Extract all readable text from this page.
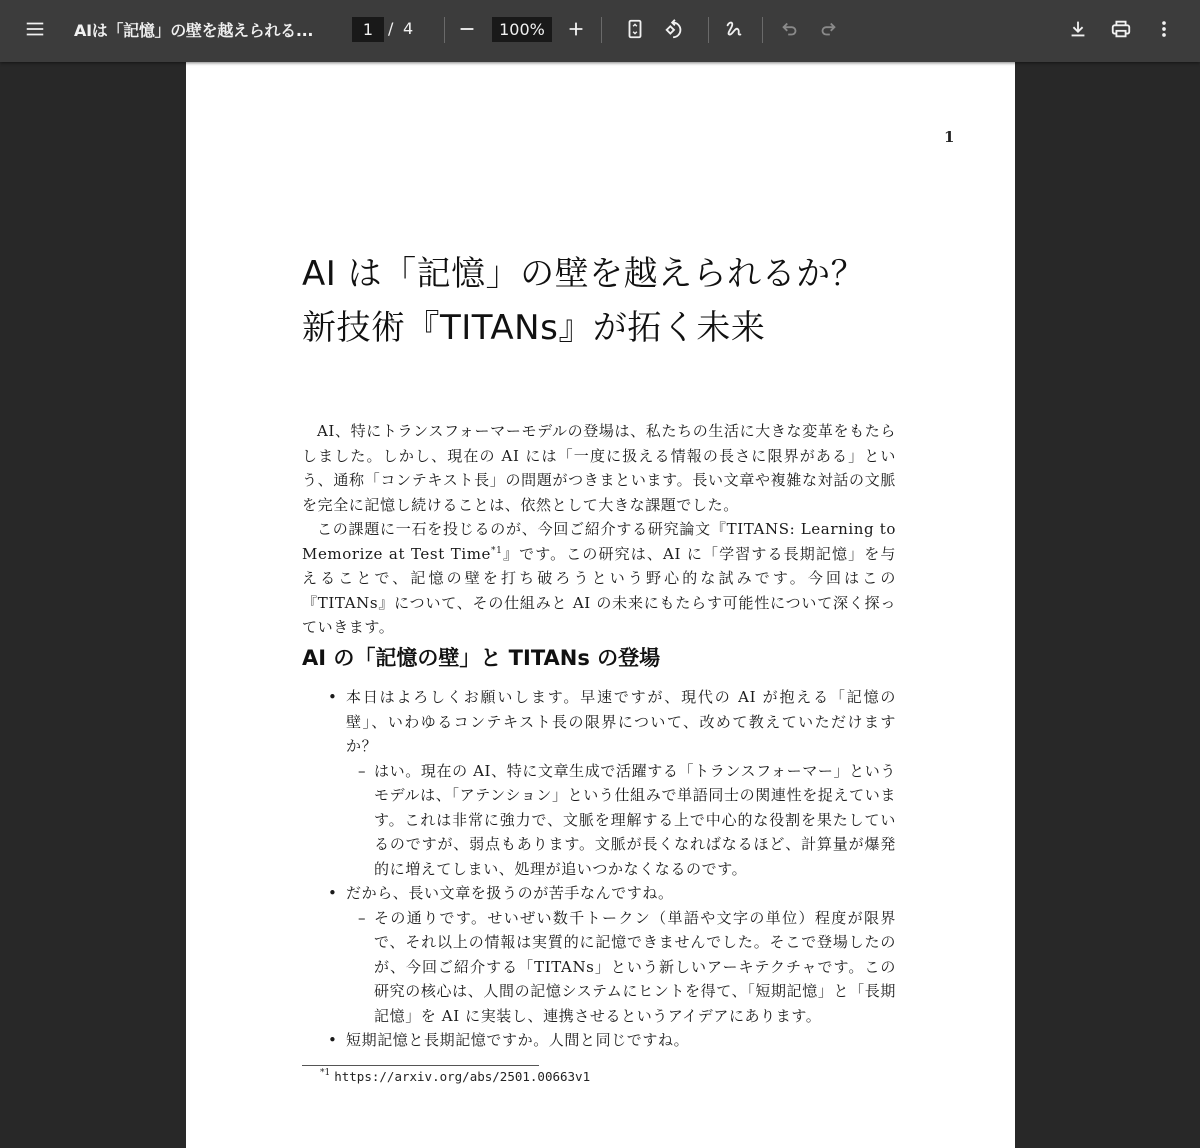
AIは「記憶」の壁を越えられる...
1	/ 4
100%
1
AI は「記憶」の壁を越えられるか？
新技術『TITANs』が拓く未来

AI、特にトランスフォーマーモデルの登場は、私たちの生活に大きな変革をもたらしました。しかし、現在の AI には「一度に扱える情報の長さに限界がある」という、通称「コンテキスト長」の問題がつきまといます。長い文章や複雑な対話の文脈を完全に記憶し続けることは、依然として大きな課題でした。

この課題に一石を投じるのが、今回ご紹介する研究論文『TITANS: Learning to Memorize at Test Time$^{*1}$』です。この研究は、AI に「学習する長期記憶」を与えることで、記憶の壁を打ち破ろうという野心的な試みです。今回はこの『TITANs』について、その仕組みと AI の未来にもたらす可能性について深く探っていきます。

AI の「記憶の壁」と TITANs の登場
• 本日はよろしくお願いします。早速ですが、現代の AI が抱える「記憶の壁」、いわゆるコンテキスト長の限界について、改めて教えていただけますか？
– はい。現在の AI、特に文章生成で活躍する「トランスフォーマー」というモデルは、「アテンション」という仕組みで単語同士の関連性を捉えています。これは非常に強力で、文脈を理解する上で中心的な役割を果たしているのですが、弱点もあります。文脈が長くなればなるほど、計算量が爆発的に増えてしまい、処理が追いつかなくなるのです。
• だから、長い文章を扱うのが苦手なんですね。
– その通りです。せいぜい数千トークン（単語や文字の単位）程度が限界で、それ以上の情報は実質的に記憶できませんでした。そこで登場したのが、今回ご紹介する「TITANs」という新しいアーキテクチャです。この研究の核心は、人間の記憶システムにヒントを得て、「短期記憶」と「長期記憶」を AI に実装し、連携させるというアイデアにあります。
• 短期記憶と長期記憶ですか。人間と同じですね。
$^{*1}$ https://arxiv.org/abs/2501.00663v1
